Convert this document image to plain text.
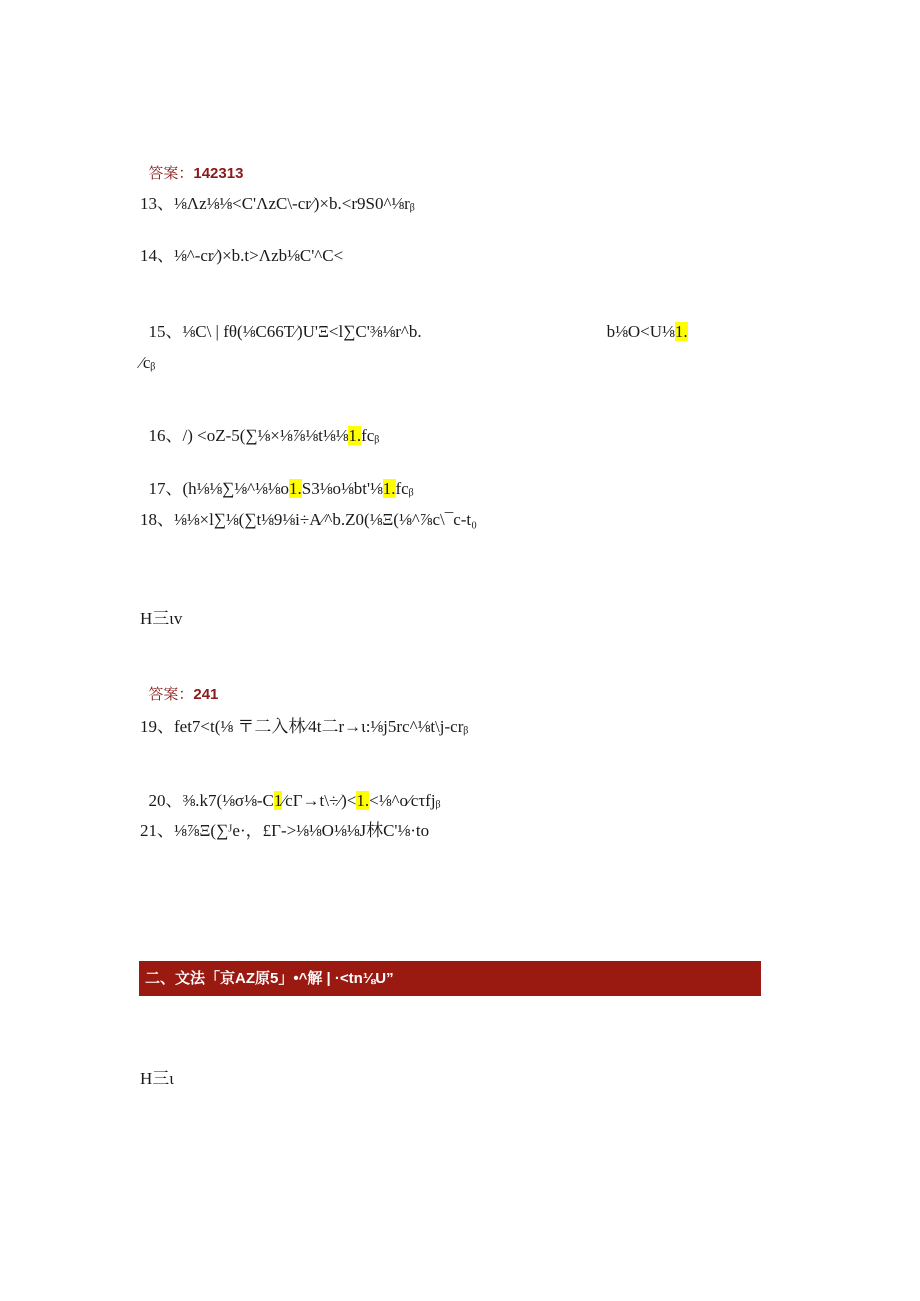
答案：142313

13、⅛Λz⅛⅛<C'ΛzC\-cr⁄)×b.<r9S0^⅛rᵦ
14、⅛^-cr⁄)×b.t>Λzb⅛C'^C<

15、⅛C\ | fθ(⅛C66T⁄)U'Ξ<l∑C'⅜⅛r^b.	b⅛O<U⅛1.

⁄cᵦ

16、/) <oZ-5(∑⅛×⅛⅞⅛t⅛⅛1.fcᵦ

17、(h⅛⅛∑⅛^⅛⅛o1.S3⅛o⅛bt'⅛1.fcᵦ

18、⅛⅛×l∑⅛(∑t⅛9⅛i÷A⁄^b.Z0(⅛Ξ(⅛^⅞c\¯c-t₀
H三ιv

答案：241

19、fet7<t(⅛ 〒二入林⁄4t二r→ι:⅛j5rc^⅛t\j-crᵦ

20、⅜.k7(⅛σ⅛-C1⁄cΓ→t\÷⁄)<1.<⅛^o⁄cτfjᵦ

21、⅛⅞Ξ(∑ᴶe·，£Γ->⅛⅛O⅛⅛J林C'⅛·to
二、文法「京AZ原5」•^解 | ·<tn⅛U”
H三ι
